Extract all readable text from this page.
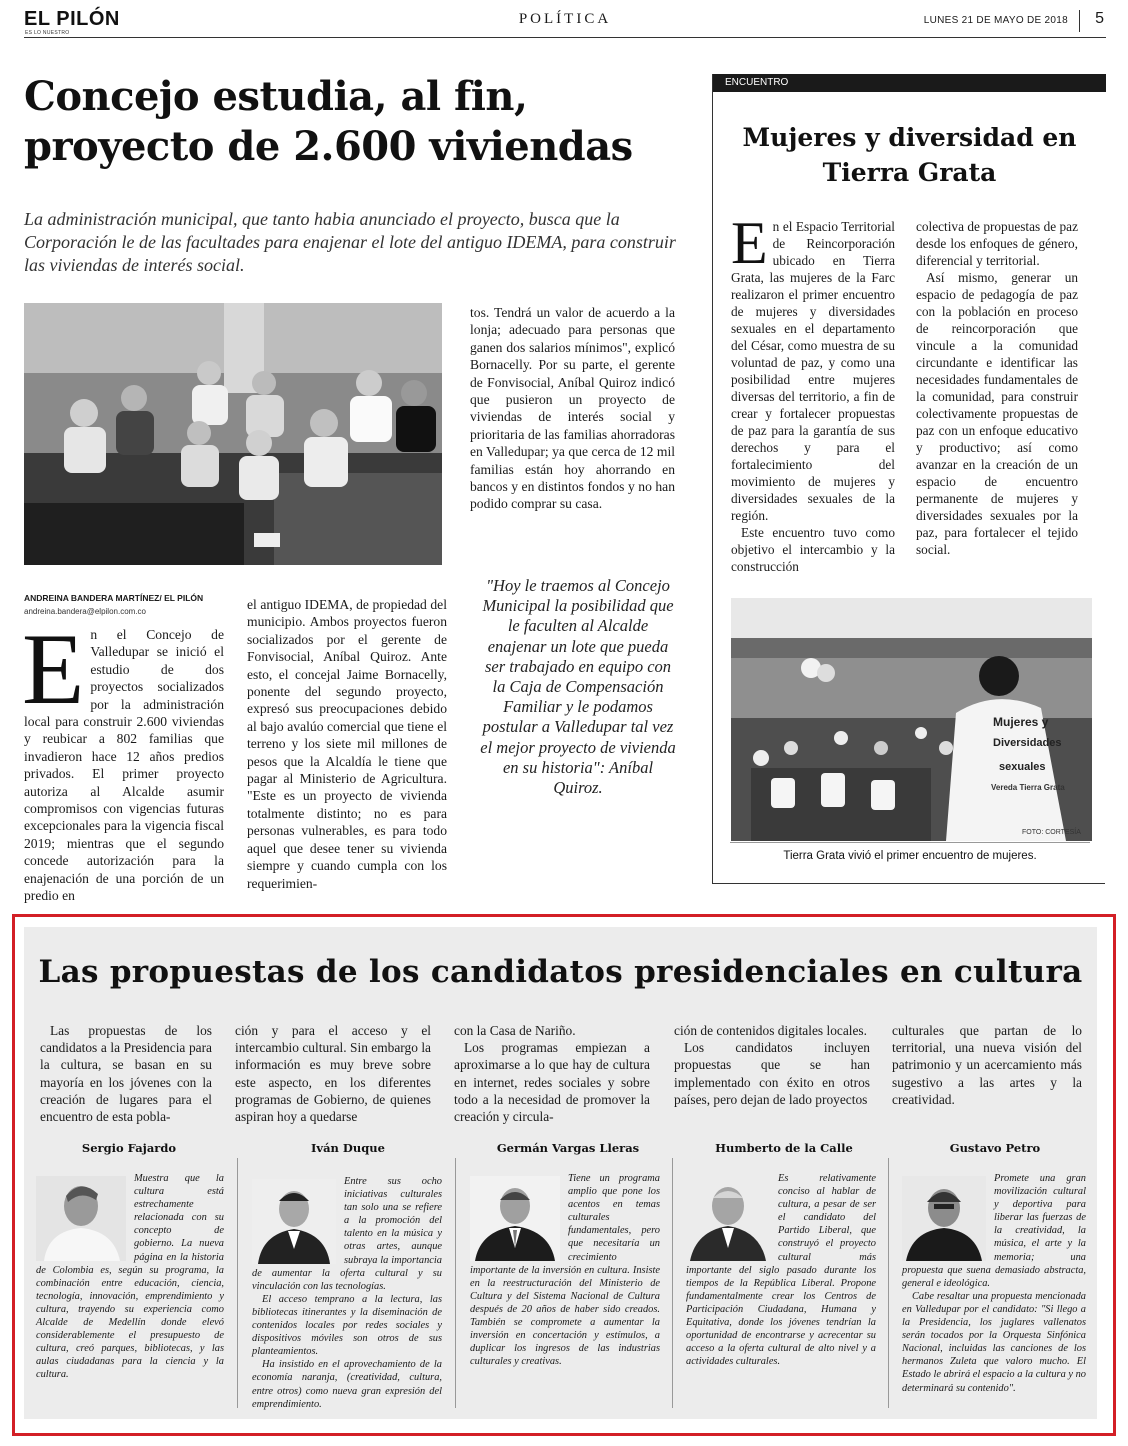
EL PILÓN
ES LO NUESTRO
POLÍTICA	LUNES 21 DE MAYO DE 2018 5
Concejo estudia, al fin,
proyecto de 2.600 viviendas

La administración municipal, que tanto habia anunciado el proyecto, busca que la Corporación le de las facultades para enajenar el lote del antiguo IDEMA, para construir las viviendas de interés social.

tos. Tendrá un valor de acuerdo a la lonja; adecuado para personas que ganen dos salarios mínimos", explicó Bornacelly. Por su parte, el gerente de Fonvisocial, Aníbal Quiroz indicó que pusieron un proyecto de viviendas de interés social y prioritaria de las familias ahorradoras en Valledupar; ya que cerca de 12 mil familias están hoy ahorrando en bancos y en distintos fondos y no han podido comprar su casa.
ANDREINA BANDERA MARTÍNEZ/ EL PILÓN
andreina.bandera@elpilon.com.co
En el Concejo de Valledupar se inició el estudio de dos proyectos socializados por la administración local para construir 2.600 viviendas y reubicar a 802 familias que invadieron hace 12 años predios privados. El primer proyecto autoriza al Alcalde asumir compromisos con vigencias futuras excepcionales para la vigencia fiscal 2019; mientras que el segundo concede autorización para la enajenación de una porción de un predio en
el antiguo IDEMA, de propiedad del municipio. Ambos proyectos fueron socializados por el gerente de Fonvisocial, Aníbal Quiroz. Ante esto, el concejal Jaime Bornacelly, ponente del segundo proyecto, expresó sus preocupaciones debido al bajo avalúo comercial que tiene el terreno y los siete mil millones de pesos que la Alcaldía le tiene que pagar al Ministerio de Agricultura. "Este es un proyecto de vivienda totalmente distinto; no es para personas vulnerables, es para todo aquel que desee tener su vivienda siempre y cuando cumpla con los requerimien-
"Hoy le traemos al Concejo Municipal la posibilidad que le faculten al Alcalde enajenar un lote que pueda ser trabajado en equipo con la Caja de Compensación Familiar y le podamos postular a Valledupar tal vez el mejor proyecto de vivienda en su historia": Aníbal Quiroz.
ENCUENTRO
Mujeres y diversidad en
Tierra Grata
En el Espacio Territorial de Reincorporación ubicado en Tierra Grata, las mujeres de la Farc realizaron el primer encuentro de mujeres y diversidades sexuales en el departamento del César, como muestra de su voluntad de paz, y como una posibilidad entre mujeres diversas del territorio, a fin de crear y fortalecer propuestas de paz para la garantía de sus derechos y para el fortalecimiento del movimiento de mujeres y diversidades sexuales de la región.
Este encuentro tuvo como objetivo el intercambio y la construcción
colectiva de propuestas de paz desde los enfoques de género, diferencial y territorial.
Así mismo, generar un espacio de pedagogía de paz con la población en proceso de reincorporación que vincule a la comunidad circundante e identificar las necesidades fundamentales de la comunidad, para construir colectivamente propuestas de paz con un enfoque educativo y productivo; así como avanzar en la creación de un espacio de encuentro permanente de mujeres y diversidades sexuales por la paz, para fortalecer el tejido social.
Mujeres y
Diversidades
sexuales
Vereda Tierra Grata
FOTO: CORTESÍA
Tierra Grata vivió el primer encuentro de mujeres.
Las propuestas de los candidatos presidenciales en cultura
Las propuestas de los candidatos a la Presidencia para la cultura, se basan en su mayoría en los jóvenes con la creación de lugares para el encuentro de esta pobla-
ción y para el acceso y el intercambio cultural. Sin embargo la información es muy breve sobre este aspecto, en los diferentes programas de Gobierno, de quienes aspiran hoy a quedarse
con la Casa de Nariño.
Los programas empiezan a aproximarse a lo que hay de cultura en internet, redes sociales y sobre todo a la necesidad de promover la creación y circula-
ción de contenidos digitales locales.
Los candidatos incluyen propuestas que se han implementado con éxito en otros países, pero dejan de lado proyectos
culturales que partan de lo territorial, una nueva visión del patrimonio y un acercamiento más sugestivo a las artes y la creatividad.
Sergio Fajardo	Iván Duque	Germán Vargas Lleras	Humberto de la Calle	Gustavo Petro
Muestra que la cultura está estrechamente relacionada con su concepto de gobierno. La nueva página en la historia de Colombia es, según su programa, la combinación entre educación, ciencia, tecnología, innovación, emprendimiento y cultura, trayendo su experiencia como Alcalde de Medellín donde elevó considerablemente el presupuesto de cultura, creó parques, bibliotecas, y las aulas ciudadanas para la ciencia y la cultura.
Entre sus ocho iniciativas culturales tan solo una se refiere a la promoción del talento en la música y otras artes, aunque subraya la importancia de aumentar la oferta cultural y su vinculación con las tecnologías.
El acceso temprano a la lectura, las bibliotecas itinerantes y la diseminación de contenidos locales por redes sociales y dispositivos móviles son otros de sus planteamientos.
Ha insistido en el aprovechamiento de la economía naranja, (creatividad, cultura, entre otros) como nueva gran expresión del emprendimiento.
Tiene un programa amplio que pone los acentos en temas culturales fundamentales, pero que necesitaría un crecimiento importante de la inversión en cultura. Insiste en la reestructuración del Ministerio de Cultura y del Sistema Nacional de Cultura después de 20 años de haber sido creados. También se compromete a aumentar la inversión en concertación y estímulos, a duplicar los ingresos de las industrias culturales y creativas.
Es relativamente conciso al hablar de cultura, a pesar de ser el candidato del Partido Liberal, que construyó el proyecto cultural más importante del siglo pasado durante los tiempos de la República Liberal. Propone fundamentalmente crear los Centros de Participación Ciudadana, Humana y Equitativa, donde los jóvenes tendrían la oportunidad de encontrarse y acrecentar su acceso a la oferta cultural de alto nivel y a actividades culturales.
Promete una gran movilización cultural y deportiva para liberar las fuerzas de la creatividad, la música, el arte y la memoria; una propuesta que suena demasiado abstracta, general e ideológica.
Cabe resaltar una propuesta mencionada en Valledupar por el candidato: "Si llego a la Presidencia, los juglares vallenatos serán tocados por la Orquesta Sinfónica Nacional, incluidas las canciones de los hermanos Zuleta que valoro mucho. El Estado le abrirá el espacio a la cultura y no determinará su contenido".
